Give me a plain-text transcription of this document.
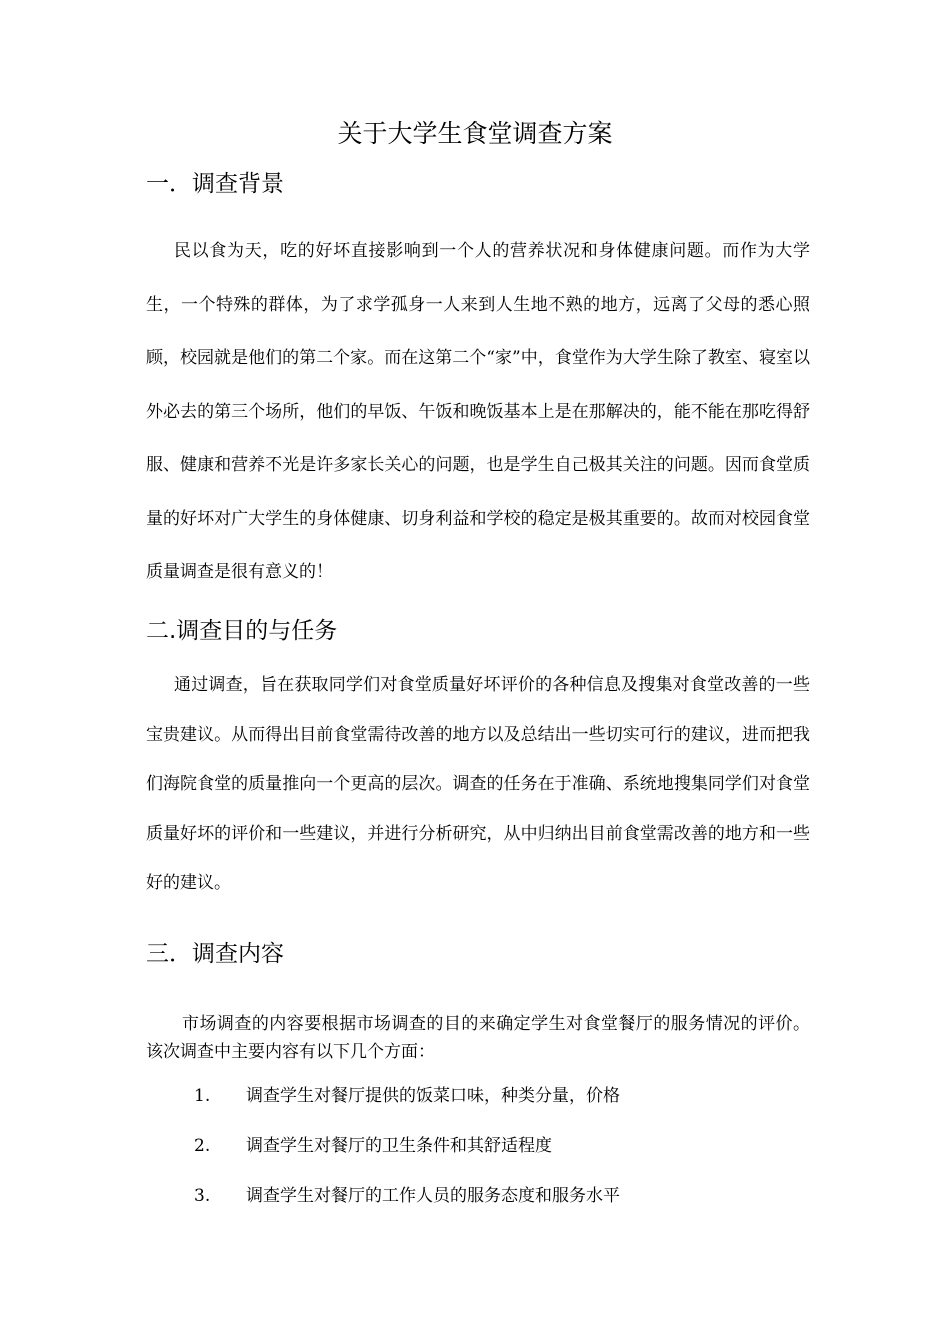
关于大学生食堂调查方案
一．调查背景
民以食为天，吃的好坏直接影响到一个人的营养状况和身体健康问题。而作为大学生，一个特殊的群体，为了求学孤身一人来到人生地不熟的地方，远离了父母的悉心照顾，校园就是他们的第二个家。而在这第二个“家”中，食堂作为大学生除了教室、寝室以外必去的第三个场所，他们的早饭、午饭和晚饭基本上是在那解决的，能不能在那吃得舒服、健康和营养不光是许多家长关心的问题，也是学生自己极其关注的问题。因而食堂质量的好坏对广大学生的身体健康、切身利益和学校的稳定是极其重要的。故而对校园食堂质量调查是很有意义的！
二.调查目的与任务
通过调查，旨在获取同学们对食堂质量好坏评价的各种信息及搜集对食堂改善的一些宝贵建议。从而得出目前食堂需待改善的地方以及总结出一些切实可行的建议，进而把我们海院食堂的质量推向一个更高的层次。调查的任务在于准确、系统地搜集同学们对食堂质量好坏的评价和一些建议，并进行分析研究，从中归纳出目前食堂需改善的地方和一些好的建议。
三．调查内容
市场调查的内容要根据市场调查的目的来确定学生对食堂餐厅的服务情况的评价。该次调查中主要内容有以下几个方面：
1. 调查学生对餐厅提供的饭菜口味，种类分量，价格
2. 调查学生对餐厅的卫生条件和其舒适程度
3. 调查学生对餐厅的工作人员的服务态度和服务水平
